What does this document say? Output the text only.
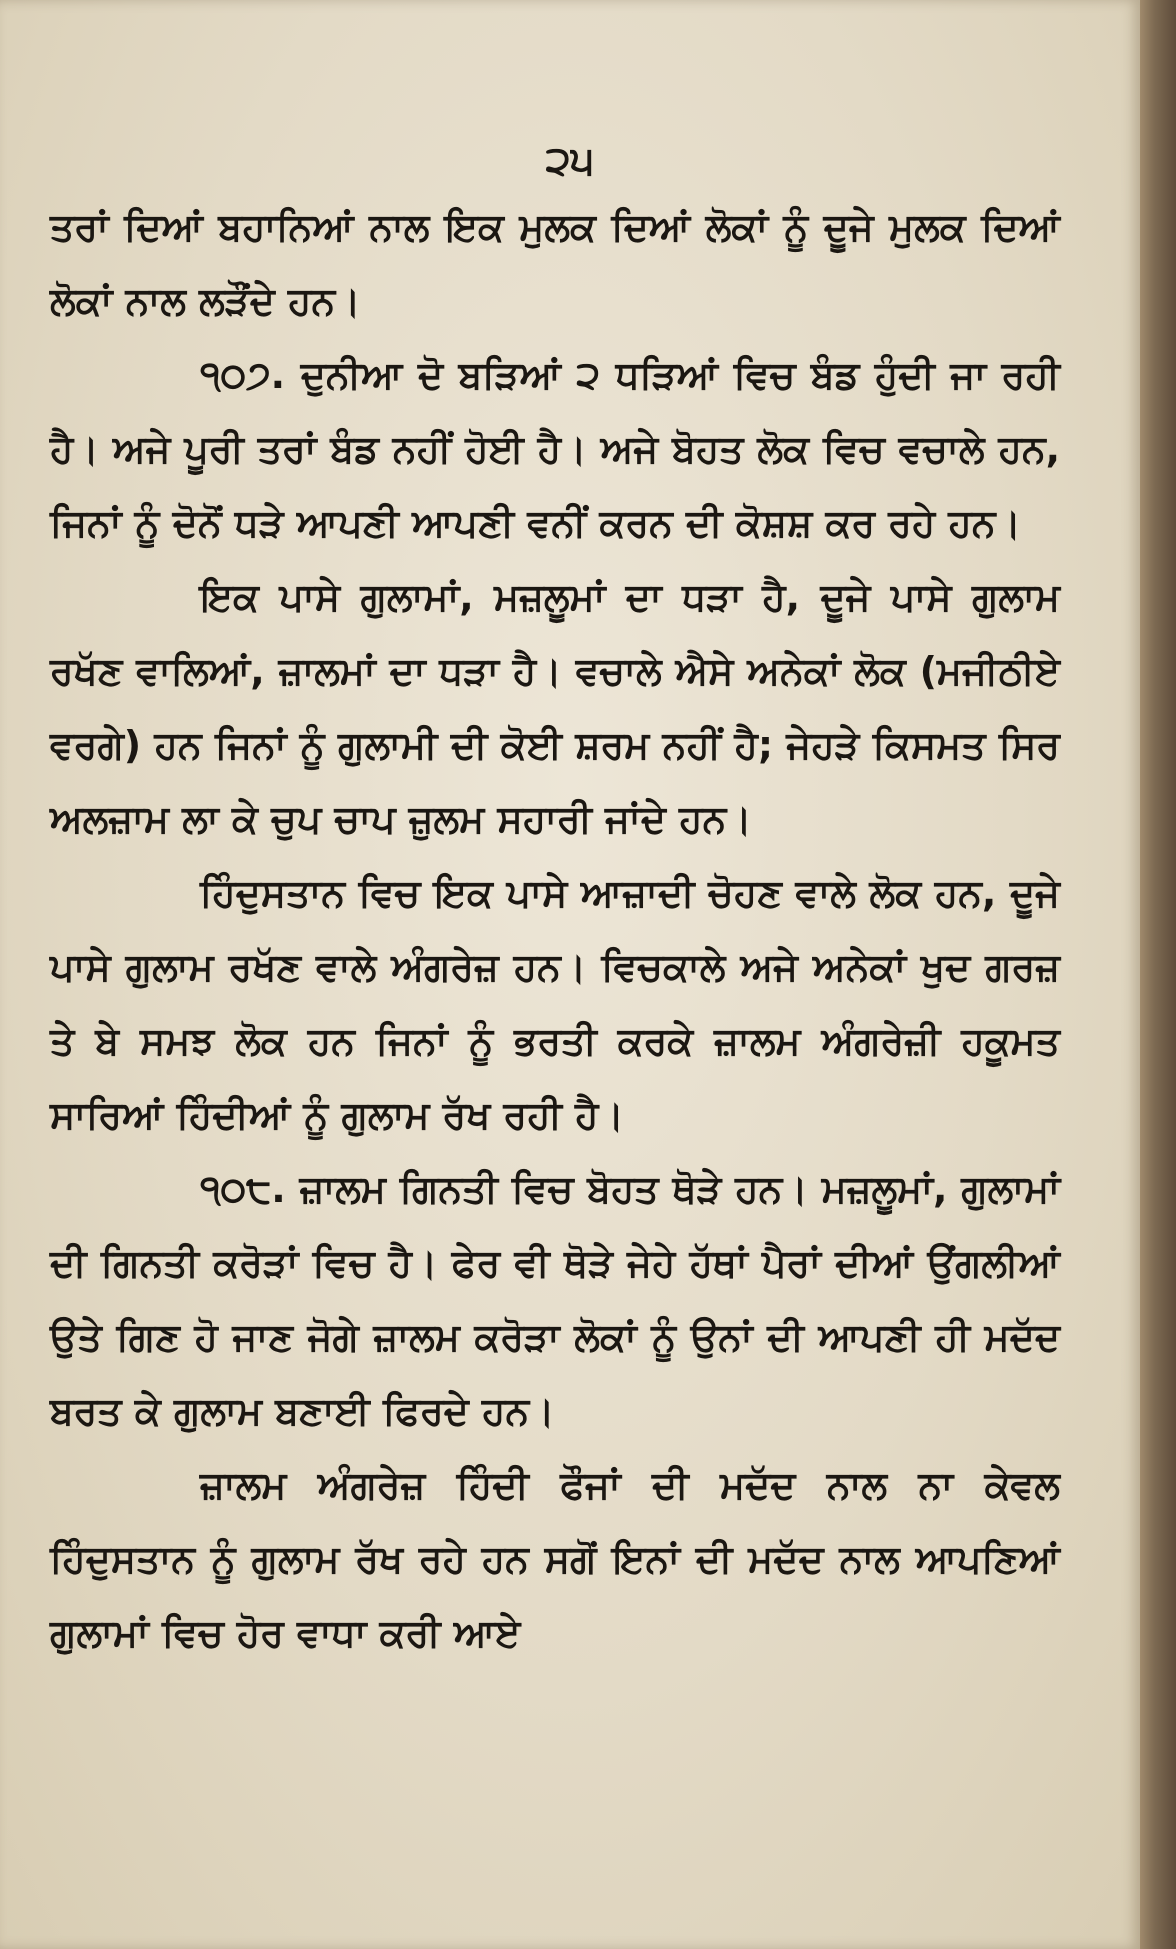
੨੫

ਤਰਾਂ ਦਿਆਂ ਬਹਾਨਿਆਂ ਨਾਲ ਇਕ ਮੁਲਕ ਦਿਆਂ ਲੋਕਾਂ ਨੂੰ ਦੂਜੇ ਮੁਲਕ ਦਿਆਂ ਲੋਕਾਂ ਨਾਲ ਲੜੌਂਦੇ ਹਨ।

੧੦੭. ਦੁਨੀਆ ਦੋ ਬੜਿਆਂ ੨ ਧੜਿਆਂ ਵਿਚ ਬੰਡ ਹੁੰਦੀ ਜਾ ਰਹੀ ਹੈ। ਅਜੇ ਪੂਰੀ ਤਰਾਂ ਬੰਡ ਨਹੀਂ ਹੋਈ ਹੈ। ਅਜੇ ਬੋਹਤ ਲੋਕ ਵਿਚ ਵਚਾਲੇ ਹਨ, ਜਿਨਾਂ ਨੂੰ ਦੋਨੋਂ ਧੜੇ ਆਪਣੀ ਆਪਣੀ ਵਨੀਂ ਕਰਨ ਦੀ ਕੋਸ਼ਸ਼ ਕਰ ਰਹੇ ਹਨ।

ਇਕ ਪਾਸੇ ਗੁਲਾਮਾਂ, ਮਜ਼ਲੂਮਾਂ ਦਾ ਧੜਾ ਹੈ, ਦੂਜੇ ਪਾਸੇ ਗੁਲਾਮ ਰਖੱਣ ਵਾਲਿਆਂ, ਜ਼ਾਲਮਾਂ ਦਾ ਧੜਾ ਹੈ। ਵਚਾਲੇ ਐਸੇ ਅਨੇਕਾਂ ਲੋਕ (ਮਜੀਠੀਏ ਵਰਗੇ) ਹਨ ਜਿਨਾਂ ਨੂੰ ਗੁਲਾਮੀ ਦੀ ਕੋਈ ਸ਼ਰਮ ਨਹੀਂ ਹੈ; ਜੇਹੜੇ ਕਿਸਮਤ ਸਿਰ ਅਲਜ਼ਾਮ ਲਾ ਕੇ ਚੁਪ ਚਾਪ ਜ਼ੁਲਮ ਸਹਾਰੀ ਜਾਂਦੇ ਹਨ।

ਹਿੰਦੁਸਤਾਨ ਵਿਚ ਇਕ ਪਾਸੇ ਆਜ਼ਾਦੀ ਚੋਹਣ ਵਾਲੇ ਲੋਕ ਹਨ, ਦੂਜੇ ਪਾਸੇ ਗੁਲਾਮ ਰਖੱਣ ਵਾਲੇ ਅੰਗਰੇਜ਼ ਹਨ। ਵਿਚਕਾਲੇ ਅਜੇ ਅਨੇਕਾਂ ਖੁਦ ਗਰਜ਼ ਤੇ ਬੇ ਸਮਝ ਲੋਕ ਹਨ ਜਿਨਾਂ ਨੂੰ ਭਰਤੀ ਕਰਕੇ ਜ਼ਾਲਮ ਅੰਗਰੇਜ਼ੀ ਹਕੂਮਤ ਸਾਰਿਆਂ ਹਿੰਦੀਆਂ ਨੂੰ ਗੁਲਾਮ ਰੱਖ ਰਹੀ ਹੈ।

੧੦੮. ਜ਼ਾਲਮ ਗਿਨਤੀ ਵਿਚ ਬੋਹਤ ਥੋੜੇ ਹਨ। ਮਜ਼ਲੂਮਾਂ, ਗੁਲਾਮਾਂ ਦੀ ਗਿਨਤੀ ਕਰੋੜਾਂ ਵਿਚ ਹੈ। ਫੇਰ ਵੀ ਥੋੜੇ ਜੇਹੇ ਹੱਥਾਂ ਪੈਰਾਂ ਦੀਆਂ ਉਂਗਲੀਆਂ ਉਤੇ ਗਿਣ ਹੋ ਜਾਣ ਜੋਗੇ ਜ਼ਾਲਮ ਕਰੋੜਾ ਲੋਕਾਂ ਨੂੰ ਉਨਾਂ ਦੀ ਆਪਣੀ ਹੀ ਮਦੱਦ ਬਰਤ ਕੇ ਗੁਲਾਮ ਬਣਾਈ ਫਿਰਦੇ ਹਨ।

ਜ਼ਾਲਮ ਅੰਗਰੇਜ਼ ਹਿੰਦੀ ਫੌਜਾਂ ਦੀ ਮਦੱਦ ਨਾਲ ਨਾ ਕੇਵਲ ਹਿੰਦੁਸਤਾਨ ਨੂੰ ਗੁਲਾਮ ਰੱਖ ਰਹੇ ਹਨ ਸਗੋਂ ਇਨਾਂ ਦੀ ਮਦੱਦ ਨਾਲ ਆਪਣਿਆਂ ਗੁਲਾਮਾਂ ਵਿਚ ਹੋਰ ਵਾਧਾ ਕਰੀ ਆਏ
